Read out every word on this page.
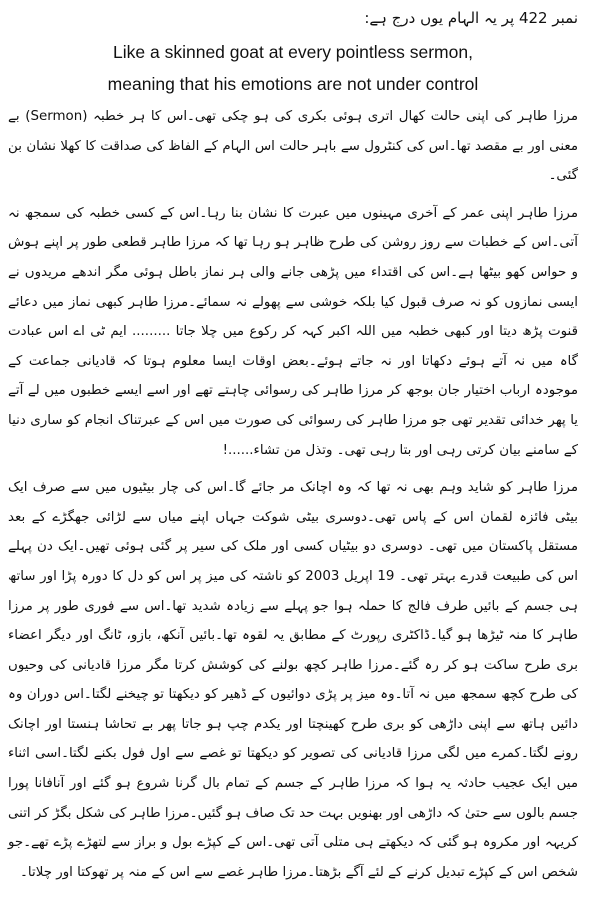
نمبر 422 پر یہ الہام یوں درج ہے:

Like a skinned goat at every pointless sermon,

meaning that his emotions are not under control

مرزا طاہر کی اپنی حالت کھال اتری ہوئی بکری کی ہو چکی تھی۔اس کا ہر خطبہ (Sermon) بے معنی اور بے مقصد تھا۔اس کی کنٹرول سے باہر حالت اس الہام کے الفاظ کی صداقت کا کھلا نشان بن گئی۔

مرزا طاہر اپنی عمر کے آخری مہینوں میں عبرت کا نشان بنا رہا۔اس کے کسی خطبہ کی سمجھ نہ آتی۔اس کے خطبات سے روز روشن کی طرح ظاہر ہو رہا تھا کہ مرزا طاہر قطعی طور پر اپنے ہوش و حواس کھو بیٹھا ہے۔اس کی اقتداء میں پڑھی جانے والی ہر نماز باطل ہوئی مگر اندھے مریدوں نے ایسی نمازوں کو نہ صرف قبول کیا بلکہ خوشی سے پھولے نہ سمائے۔مرزا طاہر کبھی نماز میں دعائے قنوت پڑھ دیتا اور کبھی خطبہ میں اللہ اکبر کہہ کر رکوع میں چلا جاتا ......... ایم ٹی اے اس عبادت گاہ میں نہ آتے ہوئے دکھاتا اور نہ جاتے ہوئے۔بعض اوقات ایسا معلوم ہوتا کہ قادیانی جماعت کے موجودہ ارباب اختیار جان بوجھ کر مرزا طاہر کی رسوائی چاہتے تھے اور اسے ایسے خطبوں میں لے آتے یا پھر خدائی تقدیر تھی جو مرزا طاہر کی رسوائی کی صورت میں اس کے عبرتناک انجام کو ساری دنیا کے سامنے بیان کرتی رہی اور بتا رہی تھی۔ وتذل من تشاء......!

مرزا طاہر کو شاید وہم بھی نہ تھا کہ وہ اچانک مر جائے گا۔اس کی چار بیٹیوں میں سے صرف ایک بیٹی فائزہ لقمان اس کے پاس تھی۔دوسری بیٹی شوکت جہاں اپنے میاں سے لڑائی جھگڑے کے بعد مستقل پاکستان میں تھی۔ دوسری دو بیٹیاں کسی اور ملک کی سیر پر گئی ہوئی تھیں۔ایک دن پہلے اس کی طبیعت قدرے بہتر تھی۔ 19 اپریل 2003 کو ناشتہ کی میز پر اس کو دل کا دورہ پڑا اور ساتھ ہی جسم کے بائیں طرف فالج کا حملہ ہوا جو پہلے سے زیادہ شدید تھا۔اس سے فوری طور پر مرزا طاہر کا منہ ٹیڑھا ہو گیا۔ڈاکٹری رپورٹ کے مطابق یہ لقوہ تھا۔بائیں آنکھ، بازو، ٹانگ اور دیگر اعضاء بری طرح ساکت ہو کر رہ گئے۔مرزا طاہر کچھ بولنے کی کوشش کرتا مگر مرزا قادیانی کی وحیوں کی طرح کچھ سمجھ میں نہ آتا۔وہ میز پر پڑی دوائیوں کے ڈھیر کو دیکھتا تو چیخنے لگتا۔اس دوران وہ دائیں ہاتھ سے اپنی داڑھی کو بری طرح کھینچتا اور یکدم چپ ہو جاتا پھر بے تحاشا ہنستا اور اچانک رونے لگتا۔کمرے میں لگی مرزا قادیانی کی تصویر کو دیکھتا تو غصے سے اول فول بکنے لگتا۔اسی اثناء میں ایک عجیب حادثہ یہ ہوا کہ مرزا طاہر کے جسم کے تمام بال گرنا شروع ہو گئے اور آنافانا پورا جسم بالوں سے حتیٰ کہ داڑھی اور بھنویں بہت حد تک صاف ہو گئیں۔مرزا طاہر کی شکل بگڑ کر اتنی کریہہ اور مکروہ ہو گئی کہ دیکھتے ہی متلی آتی تھی۔اس کے کپڑے بول و براز سے لتھڑے پڑے تھے۔جو شخص اس کے کپڑے تبدیل کرنے کے لئے آگے بڑھتا۔مرزا طاہر غصے سے اس کے منہ پر تھوکتا اور چلاتا۔
